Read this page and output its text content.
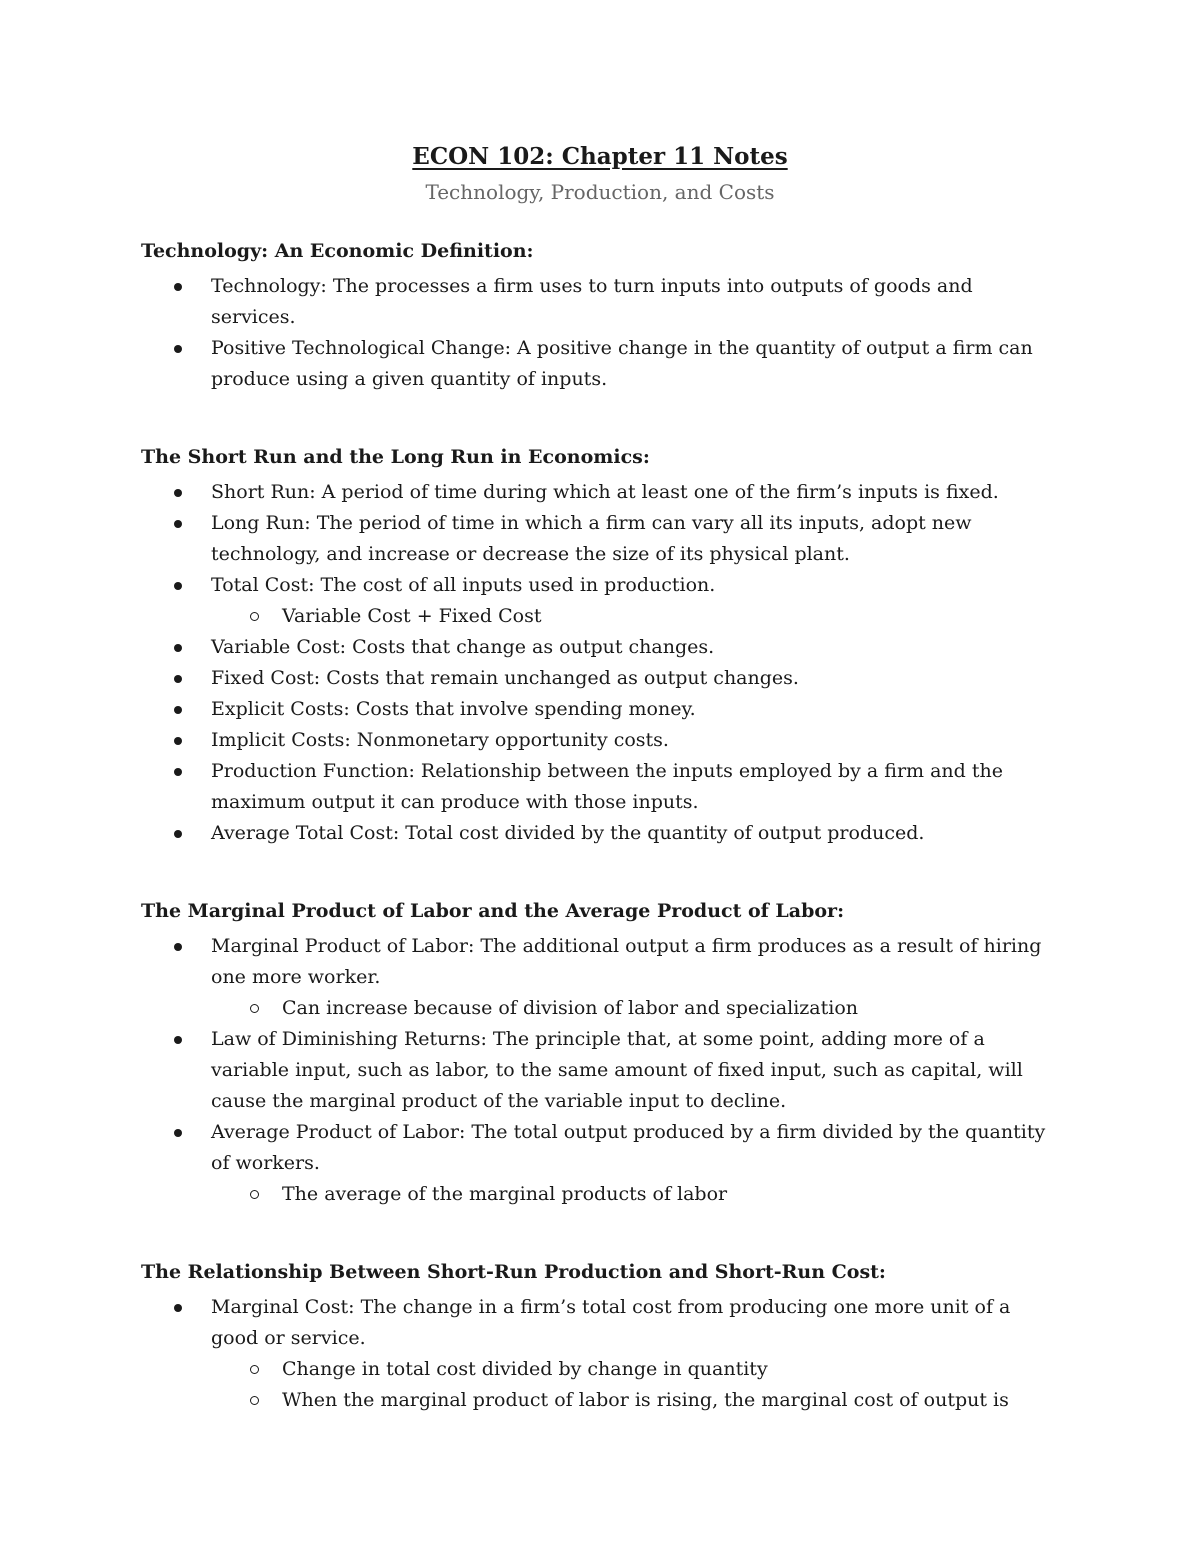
ECON 102: Chapter 11 Notes
Technology, Production, and Costs
Technology: An Economic Definition:
Technology: The processes a firm uses to turn inputs into outputs of goods and services.
Positive Technological Change: A positive change in the quantity of output a firm can produce using a given quantity of inputs.
The Short Run and the Long Run in Economics:
Short Run: A period of time during which at least one of the firm’s inputs is fixed.
Long Run: The period of time in which a firm can vary all its inputs, adopt new technology, and increase or decrease the size of its physical plant.
Total Cost: The cost of all inputs used in production.
Variable Cost + Fixed Cost
Variable Cost: Costs that change as output changes.
Fixed Cost: Costs that remain unchanged as output changes.
Explicit Costs: Costs that involve spending money.
Implicit Costs: Nonmonetary opportunity costs.
Production Function: Relationship between the inputs employed by a firm and the maximum output it can produce with those inputs.
Average Total Cost: Total cost divided by the quantity of output produced.
The Marginal Product of Labor and the Average Product of Labor:
Marginal Product of Labor: The additional output a firm produces as a result of hiring one more worker.
Can increase because of division of labor and specialization
Law of Diminishing Returns: The principle that, at some point, adding more of a variable input, such as labor, to the same amount of fixed input, such as capital, will cause the marginal product of the variable input to decline.
Average Product of Labor: The total output produced by a firm divided by the quantity of workers.
The average of the marginal products of labor
The Relationship Between Short-Run Production and Short-Run Cost:
Marginal Cost: The change in a firm’s total cost from producing one more unit of a good or service.
Change in total cost divided by change in quantity
When the marginal product of labor is rising, the marginal cost of output is
